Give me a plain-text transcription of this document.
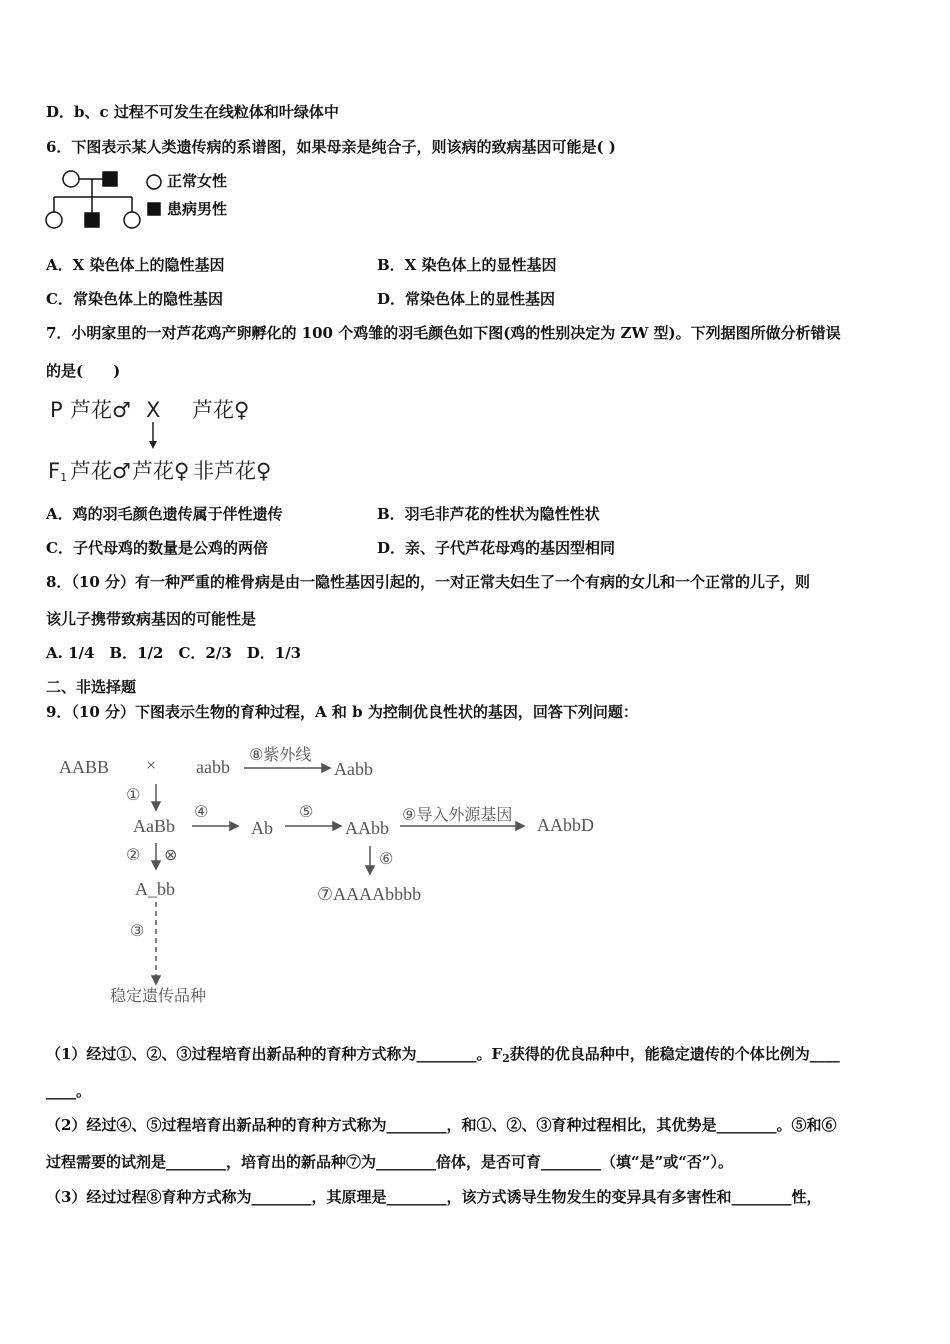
D．b、c 过程不可发生在线粒体和叶绿体中
6．下图表示某人类遗传病的系谱图，如果母亲是纯合子，则该病的致病基因可能是( )
正常女性
患病男性
A．X 染色体上的隐性基因	B．X 染色体上的显性基因
C．常染色体上的隐性基因	D．常染色体上的显性基因
7．小明家里的一对芦花鸡产卵孵化的 100 个鸡雏的羽毛颜色如下图(鸡的性别决定为 ZW 型)。下列据图所做分析错误
的是(　　)
P 芦花♂ X 芦花♀
$F_1$ 芦花♂ 芦花♀ 非芦花♀
A．鸡的羽毛颜色遗传属于伴性遗传	B．羽毛非芦花的性状为隐性性状
C．子代母鸡的数量是公鸡的两倍	D．亲、子代芦花母鸡的基因型相同
8．（10 分）有一种严重的椎骨病是由一隐性基因引起的，一对正常夫妇生了一个有病的女儿和一个正常的儿子，则
该儿子携带致病基因的可能性是
A. 1/4　B．1/2　C．2/3　D．1/3
二、非选择题
9．（10 分）下图表示生物的育种过程，A 和 b 为控制优良性状的基因，回答下列问题：
AABB × aabb
⑧紫外线
Aabb
①
AaBb
④
Ab
⑤
AAbb
⑨导入外源基因
AAbbD
② ⊗	⑥
A_bb	⑦AAAAbbbb
③
稳定遗传品种
（1）经过①、②、③过程培育出新品种的育种方式称为________。$F_2$获得的优良品种中，能稳定遗传的个体比例为____
____。
（2）经过④、⑤过程培育出新品种的育种方式称为________，和①、②、③育种过程相比，其优势是________。⑤和⑥
过程需要的试剂是________，培育出的新品种⑦为________倍体，是否可育________（填“是”或“否”）。
（3）经过过程⑧育种方式称为________，其原理是________，该方式诱导生物发生的变异具有多害性和________性，
